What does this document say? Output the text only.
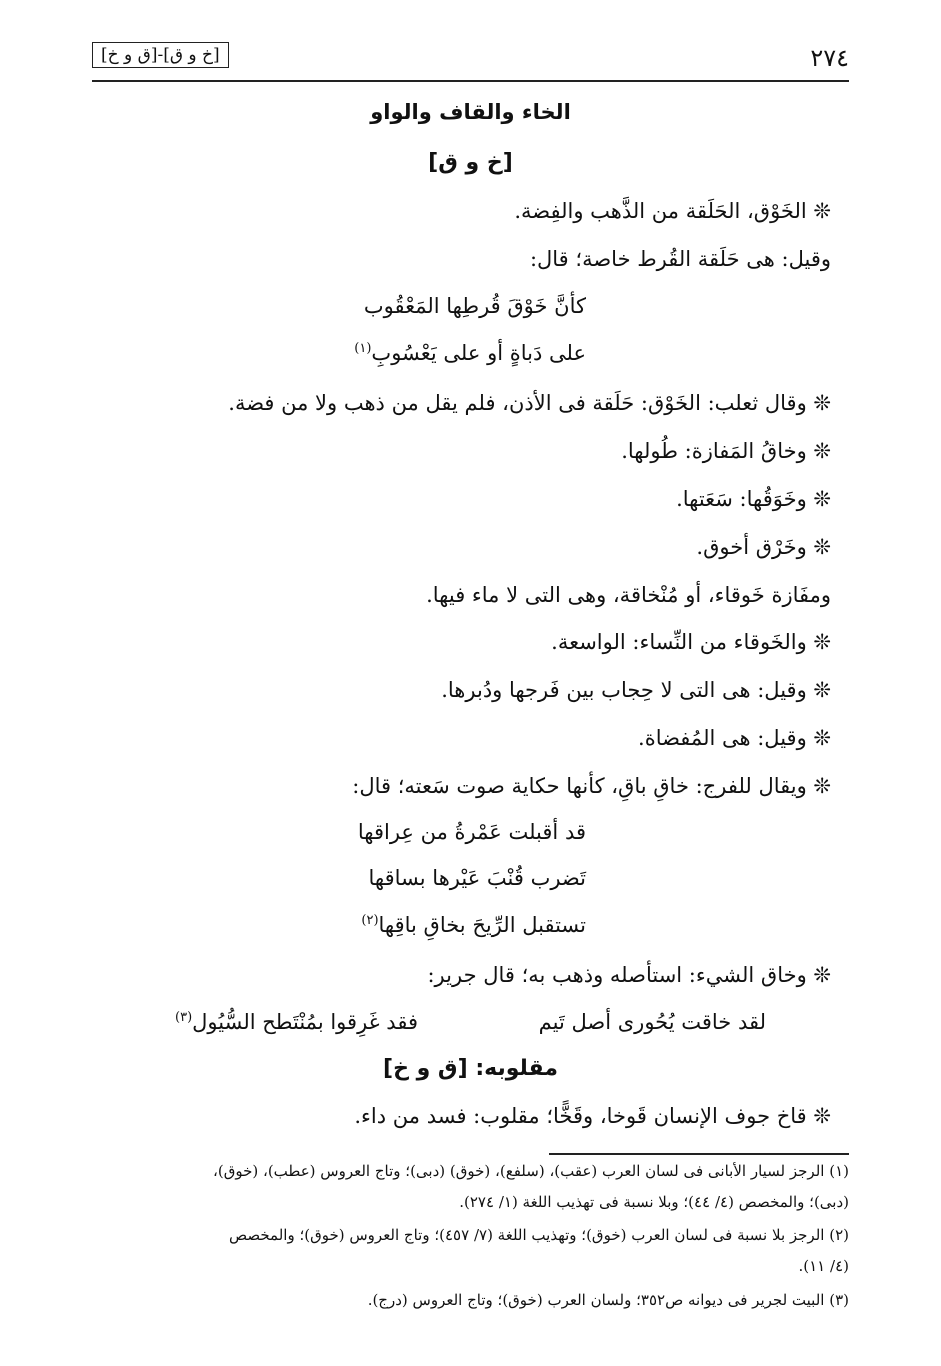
٢٧٤
[خ و ق]-[ق و خ]
الخاء والقاف والواو
[خ و ق]
❊ الخَوْق، الحَلَقة من الذَّهب والفِضة.
وقيل: هى حَلَقة القُرط خاصة؛ قال:
كأنَّ خَوْقَ قُرطِها المَعْقُوب
على دَباةٍ أو على يَعْسُوبِ$^{(١)}$
❊ وقال ثعلب: الخَوْق: حَلَقة فى الأذن، فلم يقل من ذهب ولا من فضة.
❊ وخاقُ المَفازة: طُولها.
❊ وخَوَقُها: سَعَتها.
❊ وخَرْق أخوق.
ومفَازة خَوقاء، أو مُنْخاقة، وهى التى لا ماء فيها.
❊ والخَوقاء من النِّساء: الواسعة.
❊ وقيل: هى التى لا حِجاب بين فَرجها ودُبرها.
❊ وقيل: هى المُفضاة.
❊ ويقال للفرج: خاقِ باقِ، كأنها حكاية صوت سَعته؛ قال:
قد أقبلت عَمْرةُ من عِراقها
تَضرب قُنْبَ عَيْرها بساقها
تستقبل الرِّيحَ بخاقِ باقِها$^{(٢)}$
❊ وخاق الشيء: استأصله وذهب به؛ قال جرير:
لقد خاقت يُحُورى أصل تَيم
فقد غَرِقوا بمُنْتَطح السُّيُول$^{(٣)}$
مقلوبه: [ق و خ]
❊ قاخ جوف الإنسان قَوخا، وقَخًّا؛ مقلوب: فسد من داء.
(١) الرجز لسيار الأبانى فى لسان العرب (عقب)، (سلفع)، (خوق) (دبى)؛ وتاج العروس (عطب)، (خوق)،
(دبى)؛ والمخصص (٤/ ٤٤)؛ وبلا نسبة فى تهذيب اللغة (١/ ٢٧٤).
(٢) الرجز بلا نسبة فى لسان العرب (خوق)؛ وتهذيب اللغة (٧/ ٤٥٧)؛ وتاج العروس (خوق)؛ والمخصص
(٤/ ١١).
(٣) البيت لجرير فى ديوانه ص٣٥٢؛ ولسان العرب (خوق)؛ وتاج العروس (درج).
